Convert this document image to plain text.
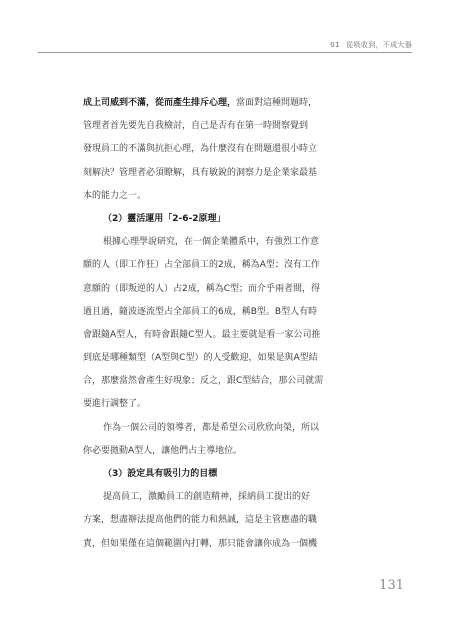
01 從吸收到，不成大器
成上司威到不滿，從而產生排斥心理，當面對這種問題時，
管理者首先要先自我檢討，自己是否有在第一時間察覺到
發現員工的不滿與抗拒心理，為什麼沒有在問題還很小時立
刻解決？管理者必須瞭解，具有敏銳的洞察力是企業家最基
本的能力之一。
（2）靈活運用「2-6-2原理」
根據心理學說研究，在一個企業體系中，有強烈工作意
願的人（即工作狂）占全部員工的2成，稱為A型；沒有工作
意願的（即叛逆的人）占2成，稱為C型；而介乎兩者間，得
過且過，隨波逐流型占全部員工的6成，稱B型。B型人有時
會跟隨A型人，有時會跟隨C型人。最主要就是看一家公司推
到底是哪種類型（A型與C型）的人受歡迎，如果是與A型結
合，那麼當然會產生好現象；反之，跟C型結合，那公司就需
要進行調整了。
作為一個公司的領導者，都是希望公司欣欣向榮，所以
你必要拋動A型人，讓他們占主導地位。
（3）設定具有吸引力的目標
提高員工，激勵員工的創造精神，採納員工提出的好
方案，想盡辦法提高他們的能力和熱誠，這是主管應盡的職
責，但如果僅在這個範圍內打轉，那只能會讓你成為一個機
131
